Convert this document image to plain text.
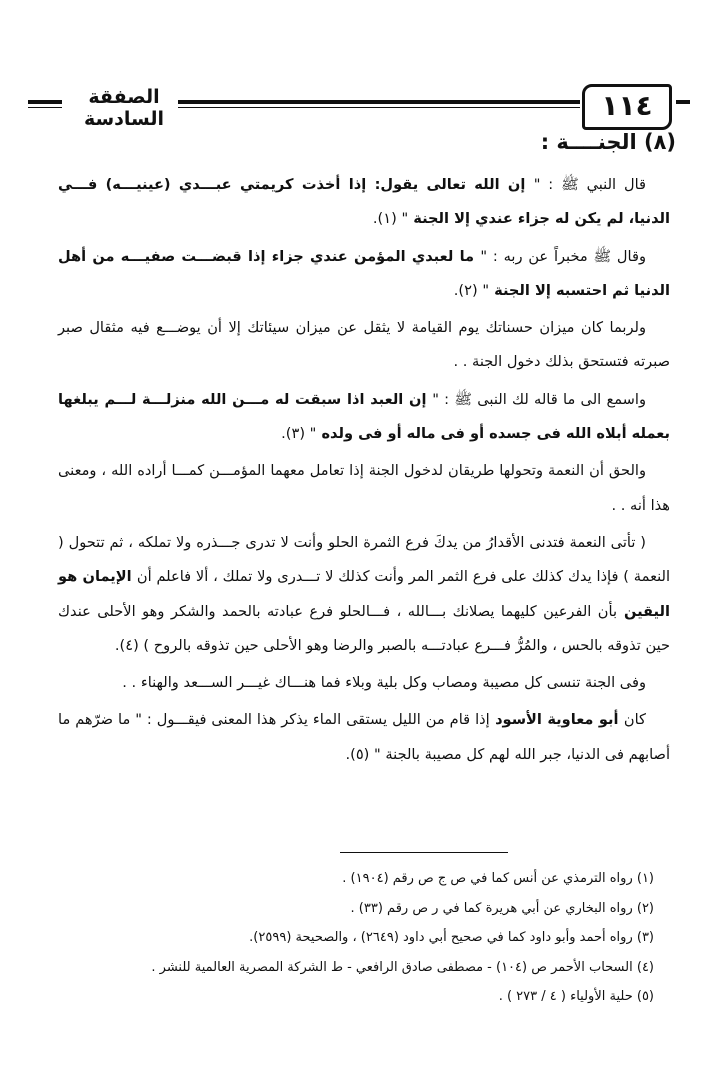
الصفقة السادسة	١١٤
(٨) الجنــــة :

قال النبي ﷺ : " إن الله تعالى يقول: إذا أخذت كريمتي عبـــدي (عينيـــه) فـــي الدنيا، لم يكن له جزاء عندي إلا الجنة " (١).

وقال ﷺ مخبراً عن ربه : " ما لعبدي المؤمن عندي جزاء إذا قبضـــت صفيـــه من أهل الدنيا ثم احتسبه إلا الجنة " (٢).

ولربما كان ميزان حسناتك يوم القيامة لا يثقل عن ميزان سيئاتك إلا أن يوضـــع فيه مثقال صبر صبرته فتستحق بذلك دخول الجنة . .

واسمع الى ما قاله لك النبى ﷺ : " إن العبد اذا سبقت له مـــن الله منزلـــة لـــم يبلغها بعمله أبلاه الله فى جسده أو فى ماله أو فى ولده " (٣).

والحق أن النعمة وتحولها طريقان لدخول الجنة إذا تعامل معهما المؤمـــن كمـــا أراده الله ، ومعنى هذا أنه . .

( تأتى النعمة فتدنى الأقدارُ من يدكَ فرع الثمرة الحلو وأنت لا تدرى جـــذره ولا تملكه ، ثم تتحول ( النعمة ) فإذا يدك كذلك على فرع الثمر المر وأنت كذلك لا تـــدرى ولا تملك ، ألا فاعلم أن الإيمان هو اليقين بأن الفرعين كليهما يصلانك بـــالله ، فـــالحلو فرع عبادته بالحمد والشكر وهو الأحلى عندك حين تذوقه بالحس ، والمُرُّ فـــرع عبادتـــه بالصبر والرضا وهو الأحلى حين تذوقه بالروح ) (٤).

وفى الجنة تنسى كل مصيبة ومصاب وكل بلية وبلاء فما هنـــاك غيـــر الســـعد والهناء . .

كان أبو معاوية الأسود إذا قام من الليل يستقى الماء يذكر هذا المعنى فيقـــول : " ما ضرّهم ما أصابهم فى الدنيا، جبر الله لهم كل مصيبة بالجنة " (٥).

(١) رواه الترمذي عن أنس كما في ص ج ص رقم (١٩٠٤) .
(٢) رواه البخاري عن أبي هريرة كما في ر ص رقم (٣٣) .
(٣) رواه أحمد وأبو داود كما في صحيح أبي داود (٢٦٤٩) ، والصحيحة (٢٥٩٩).
(٤) السحاب الأحمر ص (١٠٤) - مصطفى صادق الرافعي - ط الشركة المصرية العالمية للنشر .
(٥) حلية الأولياء ( ٤ / ٢٧٣ ) .
